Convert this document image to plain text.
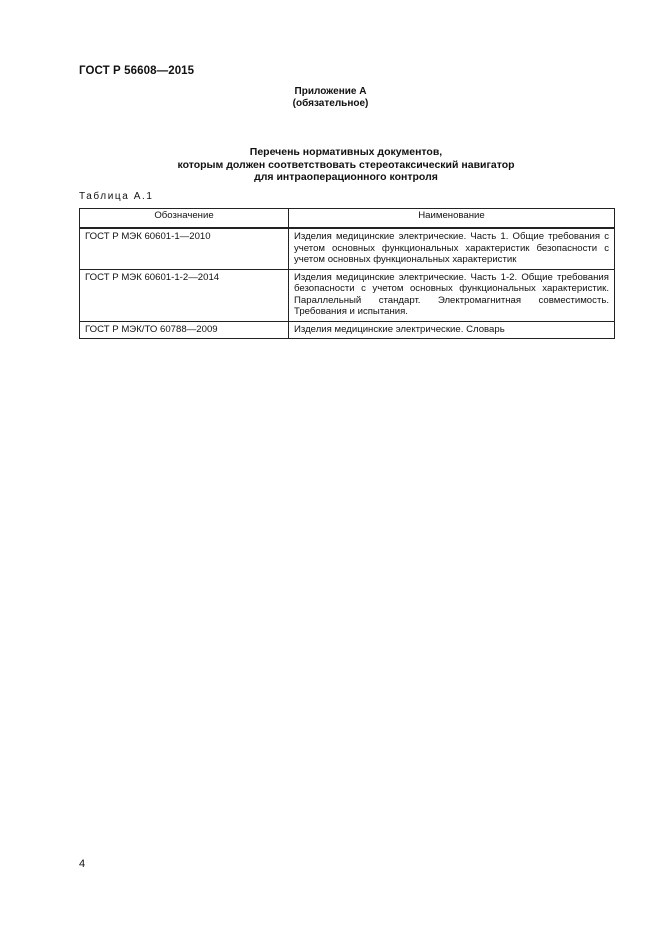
ГОСТ Р 56608—2015
Приложение А
(обязательное)
Перечень нормативных документов,
которым должен соответствовать стереотаксический навигатор
для интраоперационного контроля
Таблица А.1
Обозначение	Наименование
ГОСТ Р МЭК 60601-1—2010	Изделия медицинские электрические. Часть 1. Общие требования с учетом основных функциональных характеристик безопасности с учетом основных функциональных характеристик
ГОСТ Р МЭК 60601-1-2—2014	Изделия медицинские электрические. Часть 1-2. Общие требования безопасности с учетом основных функциональных характеристик. Параллельный стандарт. Электромагнитная совместимость. Требования и испытания.
ГОСТ Р МЭК/ТО 60788—2009	Изделия медицинские электрические. Словарь
4
